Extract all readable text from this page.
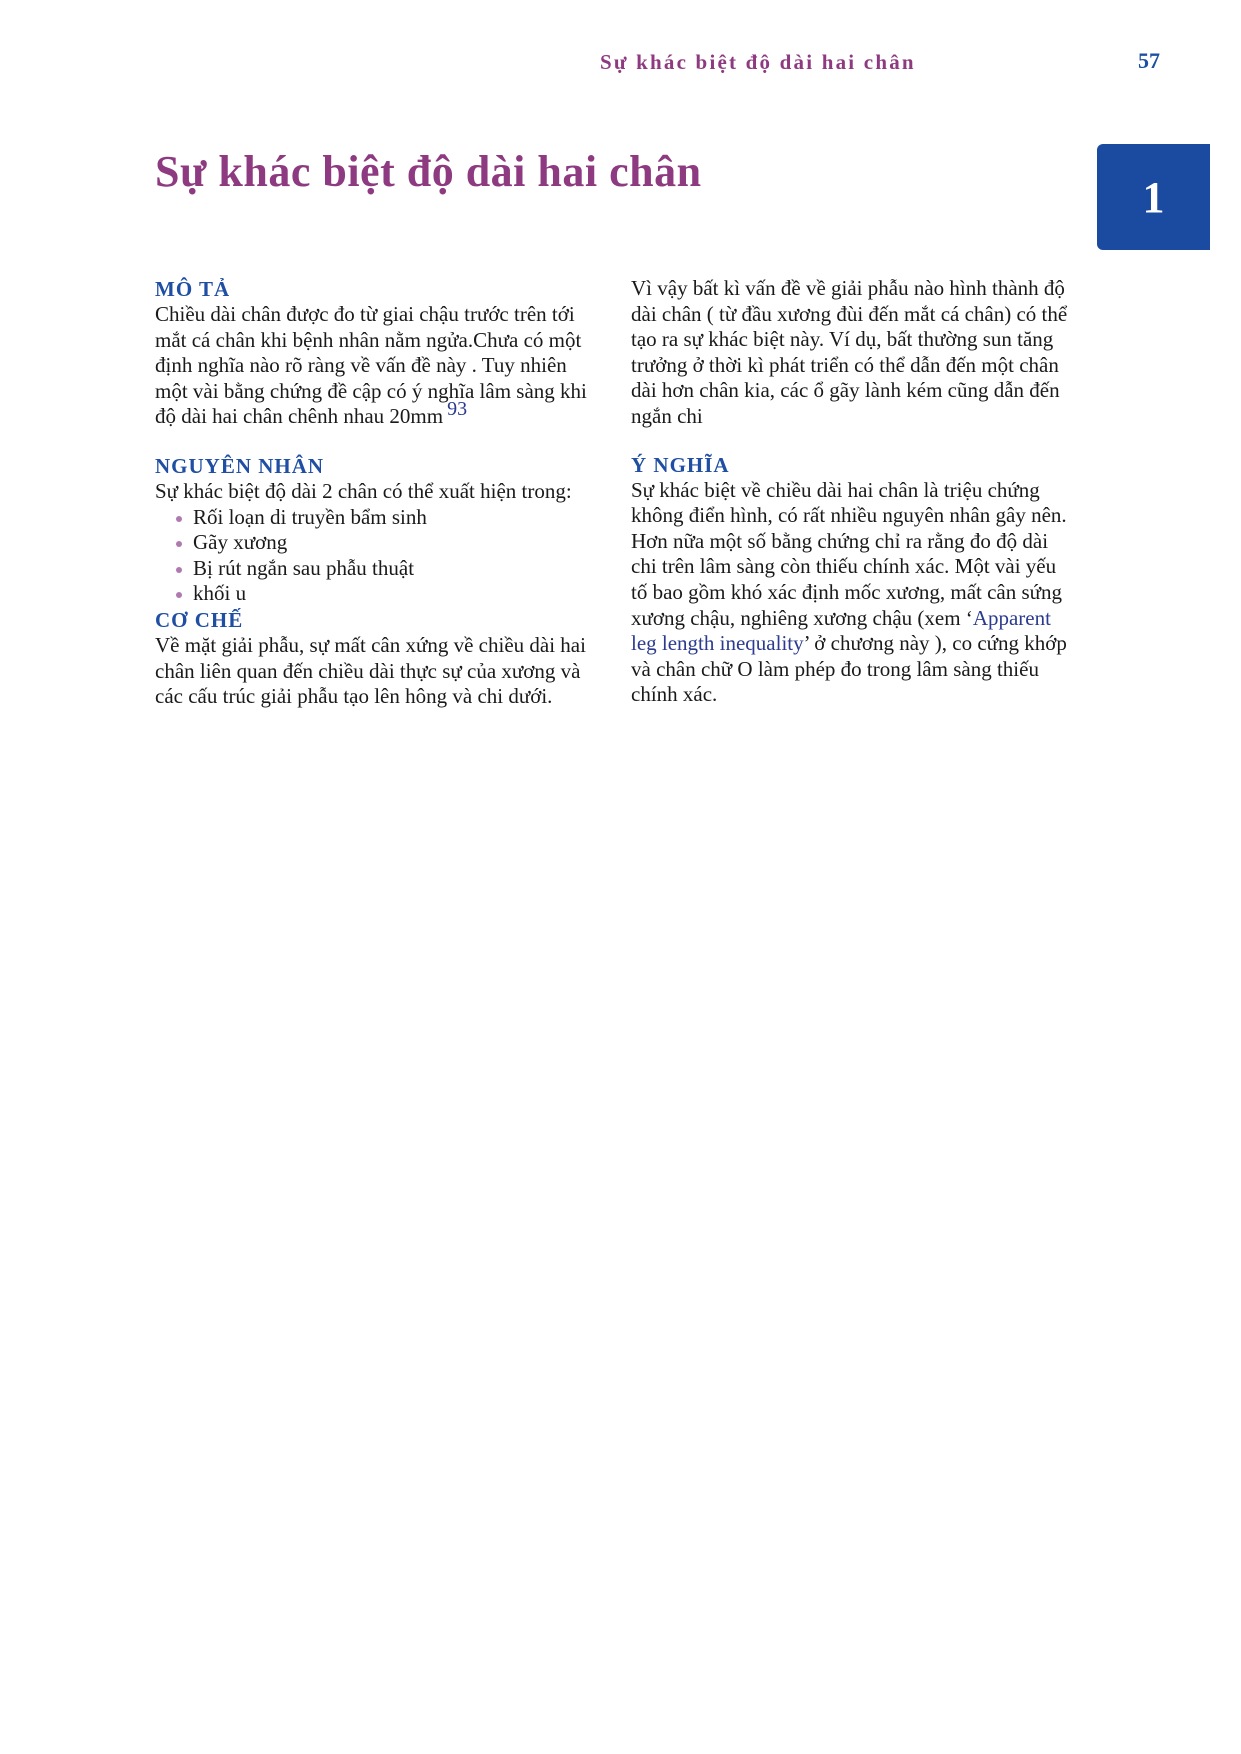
Sự khác biệt độ dài hai chân	57
1
Sự khác biệt độ dài hai chân
MÔ TẢ

Chiều dài chân được đo từ giai chậu trước trên tới mắt cá chân khi bệnh nhân nằm ngửa.Chưa có một định nghĩa nào rõ ràng về vấn đề này . Tuy nhiên một vài bằng chứng đề cập có ý nghĩa lâm sàng khi độ dài hai chân chênh nhau 20mm 93

NGUYÊN NHÂN

Sự khác biệt độ dài 2 chân có thể xuất hiện trong:

Rối loạn di truyền bẩm sinh
Gãy xương
Bị rút ngắn sau phẫu thuật
khối u
CƠ CHẾ

Về mặt giải phẫu, sự mất cân xứng về chiều dài hai chân liên quan đến chiều dài thực sự của xương và các cấu trúc giải phẫu tạo lên hông và chi dưới.

Vì vậy bất kì vấn đề về giải phẫu nào hình thành độ dài chân ( từ đầu xương đùi đến mắt cá chân) có thể tạo ra sự khác biệt này. Ví dụ, bất thường sun tăng trưởng ở thời kì phát triển có thể dẫn đến một chân dài hơn chân kia, các ổ gãy lành kém cũng dẫn đến ngắn chi

Ý NGHĨA

Sự khác biệt về chiều dài hai chân là triệu chứng không điển hình, có rất nhiều nguyên nhân gây nên. Hơn nữa một số bằng chứng chỉ ra rằng đo độ dài chi trên lâm sàng còn thiếu chính xác. Một vài yếu tố bao gồm khó xác định mốc xương, mất cân sứng xương chậu, nghiêng xương chậu (xem ‘Apparent leg length inequality’ ở chương này ), co cứng khớp và chân chữ O làm phép đo trong lâm sàng thiếu chính xác.
